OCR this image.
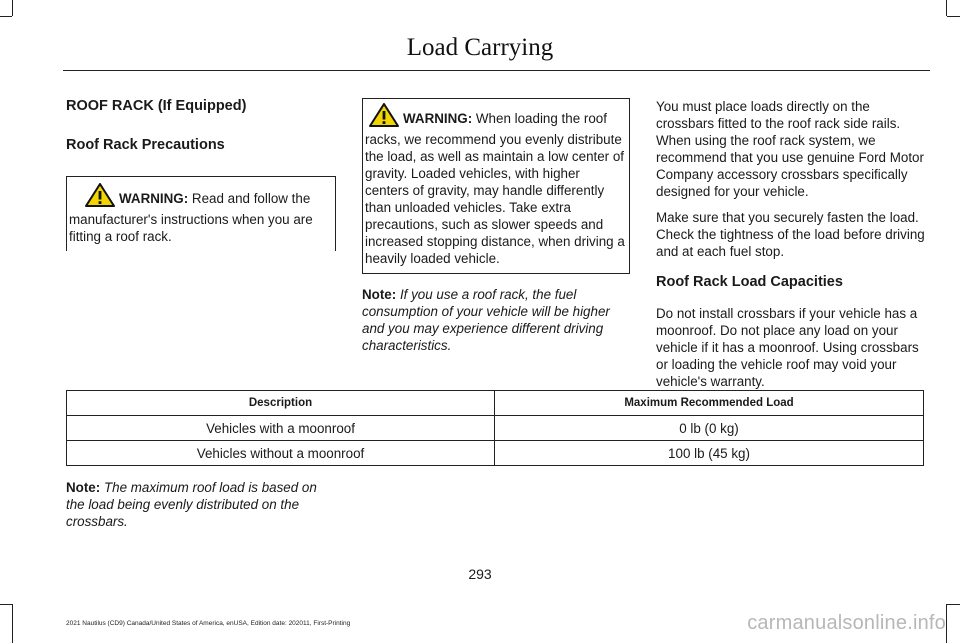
Load Carrying
ROOF RACK (If Equipped)
Roof Rack Precautions
WARNING: Read and follow the manufacturer's instructions when you are fitting a roof rack.
WARNING: When loading the roof racks, we recommend you evenly distribute the load, as well as maintain a low center of gravity. Loaded vehicles, with higher centers of gravity, may handle differently than unloaded vehicles. Take extra precautions, such as slower speeds and increased stopping distance, when driving a heavily loaded vehicle.

Note: If you use a roof rack, the fuel consumption of your vehicle will be higher and you may experience different driving characteristics.

You must place loads directly on the crossbars fitted to the roof rack side rails. When using the roof rack system, we recommend that you use genuine Ford Motor Company accessory crossbars specifically designed for your vehicle.

Make sure that you securely fasten the load. Check the tightness of the load before driving and at each fuel stop.

Roof Rack Load Capacities

Do not install crossbars if your vehicle has a moonroof. Do not place any load on your vehicle if it has a moonroof. Using crossbars or loading the vehicle roof may void your vehicle's warranty.

Description	Maximum Recommended Load
Vehicles with a moonroof	0 lb (0 kg)
Vehicles without a moonroof	100 lb (45 kg)
Note: The maximum roof load is based on the load being evenly distributed on the crossbars.
293
2021 Nautilus (CD9) Canada/United States of America, enUSA, Edition date: 202011, First-Printing	carmanualsonline.info
